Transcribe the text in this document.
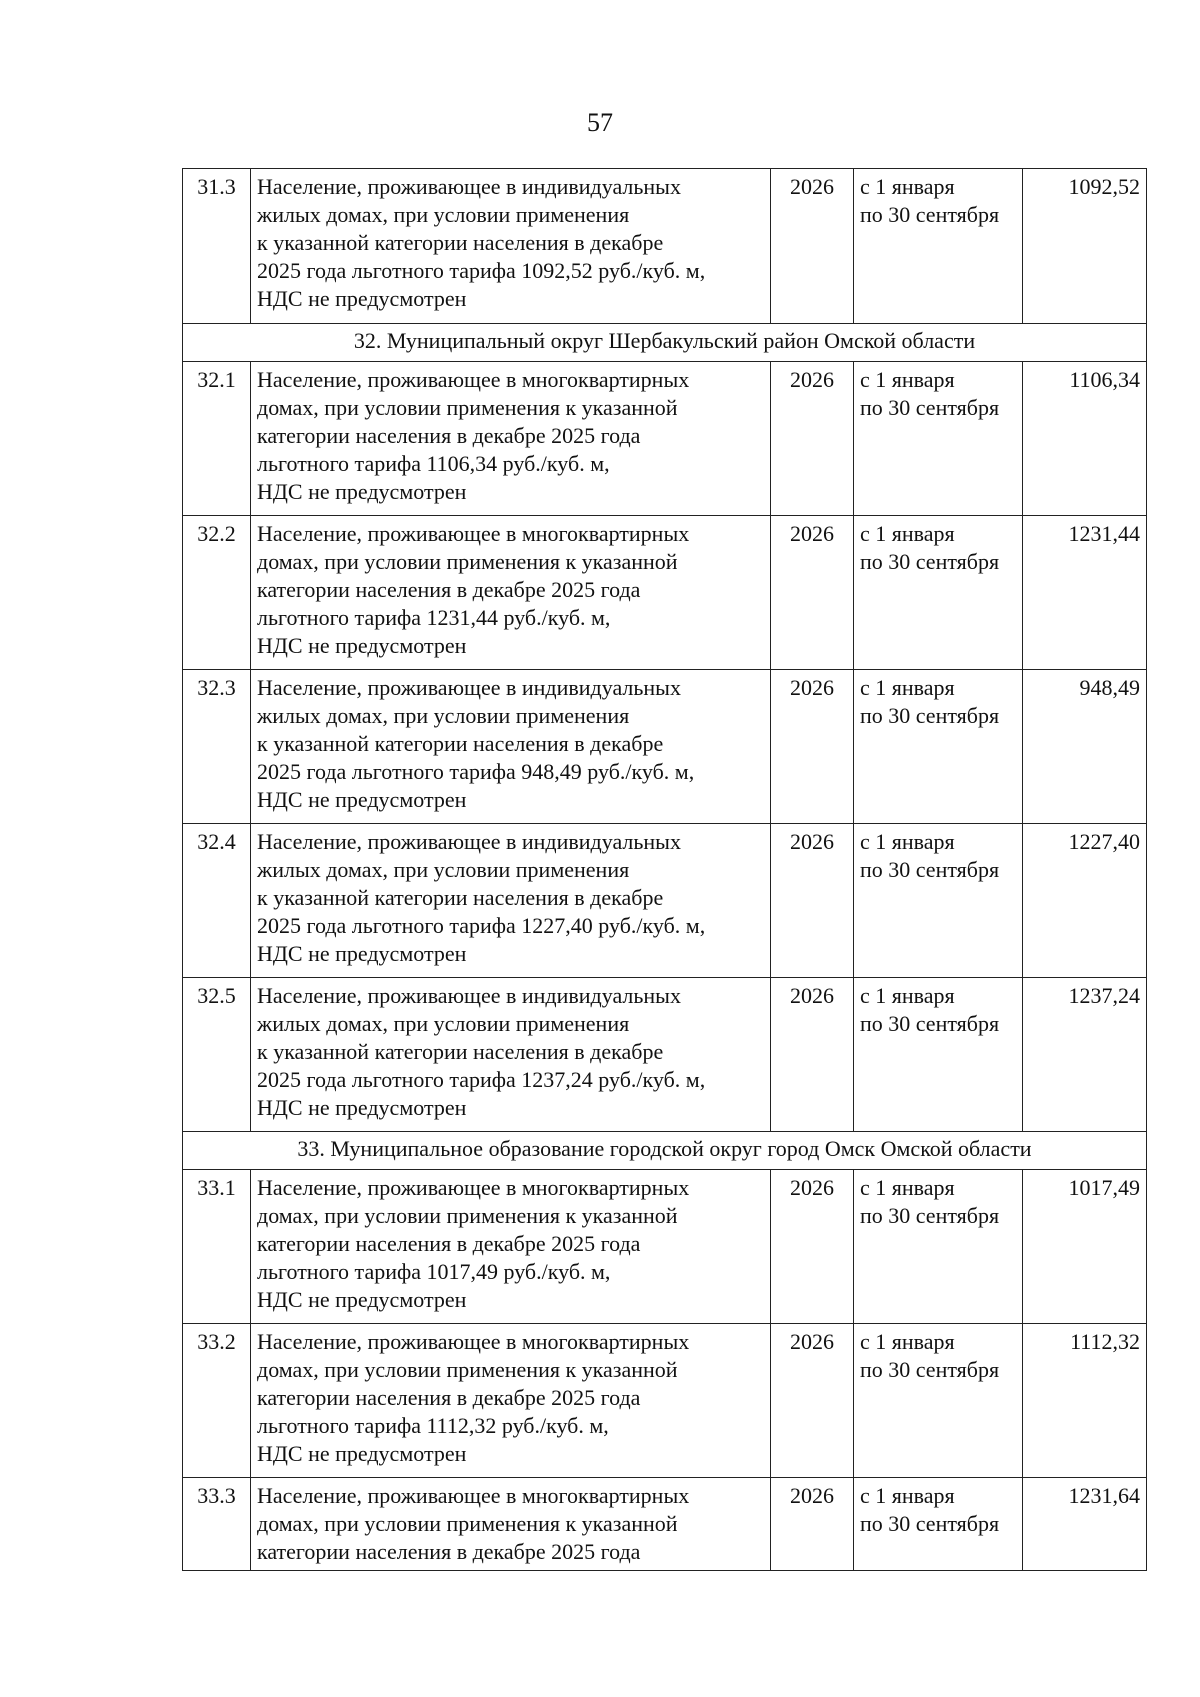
57
31.3	Население, проживающее в индивидуальных
жилых домах, при условии применения
к указанной категории населения в декабре
2025 года льготного тарифа 1092,52 руб./куб. м,
НДС не предусмотрен	2026	с 1 января
по 30 сентября	1092,52
32. Муниципальный округ Шербакульский район Омской области				
32.1	Население, проживающее в многоквартирных
домах, при условии применения к указанной
категории населения в декабре 2025 года
льготного тарифа 1106,34 руб./куб. м,
НДС не предусмотрен	2026	с 1 января
по 30 сентября	1106,34
32.2	Население, проживающее в многоквартирных
домах, при условии применения к указанной
категории населения в декабре 2025 года
льготного тарифа 1231,44 руб./куб. м,
НДС не предусмотрен	2026	с 1 января
по 30 сентября	1231,44
32.3	Население, проживающее в индивидуальных
жилых домах, при условии применения
к указанной категории населения в декабре
2025 года льготного тарифа 948,49 руб./куб. м,
НДС не предусмотрен	2026	с 1 января
по 30 сентября	948,49
32.4	Население, проживающее в индивидуальных
жилых домах, при условии применения
к указанной категории населения в декабре
2025 года льготного тарифа 1227,40 руб./куб. м,
НДС не предусмотрен	2026	с 1 января
по 30 сентября	1227,40
32.5	Население, проживающее в индивидуальных
жилых домах, при условии применения
к указанной категории населения в декабре
2025 года льготного тарифа 1237,24 руб./куб. м,
НДС не предусмотрен	2026	с 1 января
по 30 сентября	1237,24
33. Муниципальное образование городской округ город Омск Омской области				
33.1	Население, проживающее в многоквартирных
домах, при условии применения к указанной
категории населения в декабре 2025 года
льготного тарифа 1017,49 руб./куб. м,
НДС не предусмотрен	2026	с 1 января
по 30 сентября	1017,49
33.2	Население, проживающее в многоквартирных
домах, при условии применения к указанной
категории населения в декабре 2025 года
льготного тарифа 1112,32 руб./куб. м,
НДС не предусмотрен	2026	с 1 января
по 30 сентября	1112,32
33.3	Население, проживающее в многоквартирных
домах, при условии применения к указанной
категории населения в декабре 2025 года	2026	с 1 января
по 30 сентября	1231,64
